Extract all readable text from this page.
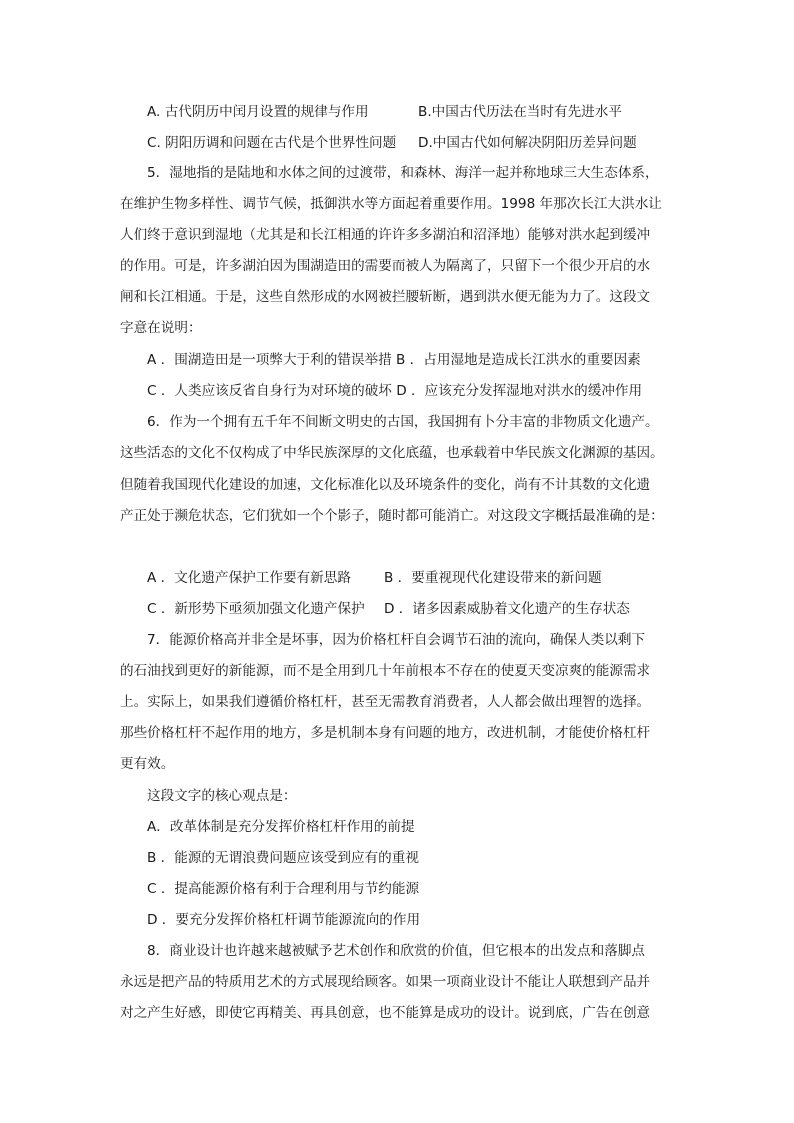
A. 古代阴历中闰月设置的规律与作用	B.中国古代历法在当时有先进水平
C. 阴阳历调和问题在古代是个世界性问题 D.中国古代如何解决阴阳历差异问题
5．湿地指的是陆地和水体之间的过渡带，和森林、海洋一起并称地球三大生态体系，
在维护生物多样性、调节气候，抵御洪水等方面起着重要作用。1998 年那次长江大洪水让
人们终于意识到湿地（尤其是和长江相通的许许多多湖泊和沼泽地）能够对洪水起到缓冲
的作用。可是，许多湖泊因为围湖造田的需要而被人为隔离了，只留下一个很少开启的水
闸和长江相通。于是，这些自然形成的水网被拦腰斩断，遇到洪水便无能为力了。这段文
字意在说明：
A ．围湖造田是一项弊大于利的错误举措 B ．占用湿地是造成长江洪水的重要因素
C ．人类应该反省自身行为对环境的破坏 D ．应该充分发挥湿地对洪水的缓冲作用
6．作为一个拥有五千年不间断文明史的古国，我国拥有卜分丰富的非物质文化遗产。
这些活态的文化不仅构成了中华民族深厚的文化底蕴，也承载着中华民族文化渊源的基因。
但随着我国现代化建设的加速，文化标准化以及环境条件的变化，尚有不计其数的文化遗
产正处于濒危状态，它们犹如一个个影子，随时都可能消亡。对这段文字概括最准确的是：
A ．文化遗产保护工作要有新思路 B ．要重视现代化建设带来的新问题
C ．新形势下亟须加强文化遗产保护 D ．诸多因素威胁着文化遗产的生存状态
7．能源价格高并非全是坏事，因为价格杠杆自会调节石油的流向，确保人类以剩下
的石油找到更好的新能源，而不是全用到几十年前根本不存在的使夏天变凉爽的能源需求
上。实际上，如果我们遵循价格杠杆，甚至无需教育消费者，人人都会做出理智的选择。
那些价格杠杆不起作用的地方，多是机制本身有问题的地方，改进机制，才能使价格杠杆
更有效。
这段文字的核心观点是：
A．改革体制是充分发挥价格杠杆作用的前提
B ．能源的无谓浪费问题应该受到应有的重视
C ．提高能源价格有利于合理利用与节约能源
D ．要充分发挥价格杠杆调节能源流向的作用
8．商业设计也许越来越被赋予艺术创作和欣赏的价值，但它根本的出发点和落脚点
永远是把产品的特质用艺术的方式展现给顾客。如果一项商业设计不能让人联想到产品并
对之产生好感，即使它再精美、再具创意，也不能算是成功的设计。说到底，广告在创意
